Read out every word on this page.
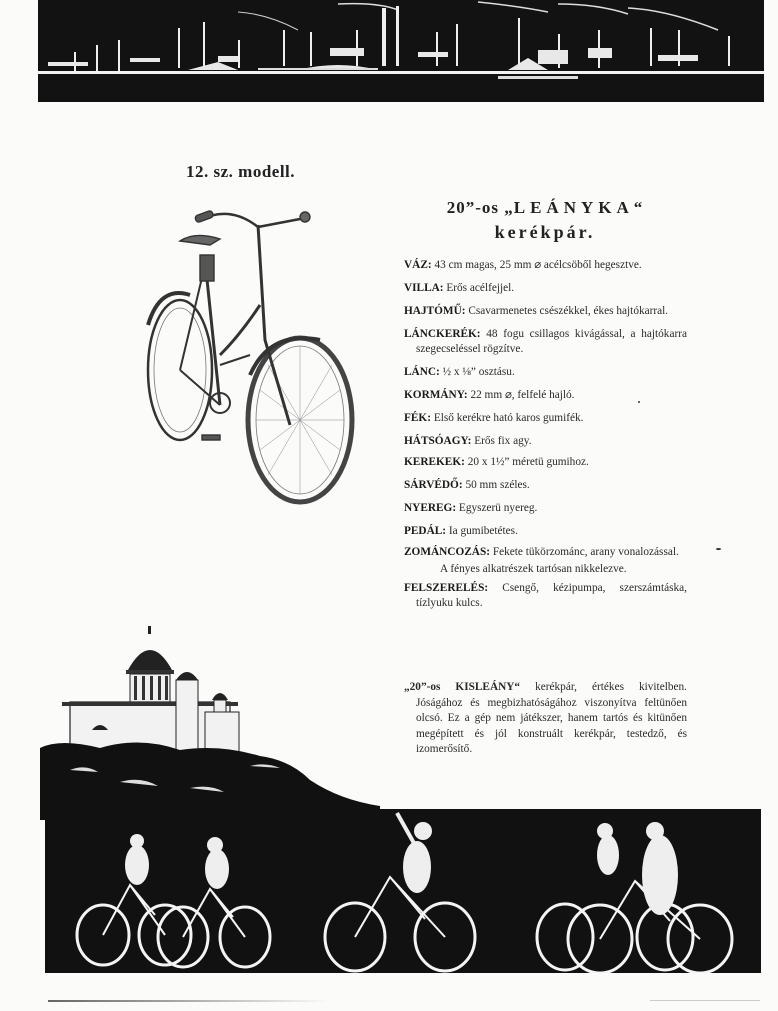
12. sz. modell.
20”-os „LEÁNYKA“
kerékpár.
VÁZ: 43 cm magas, 25 mm ⌀ acélcsöből hegesztve.
VILLA: Erős acélfejjel.
HAJTÓMŰ: Csavarmenetes csészékkel, ékes hajtókarral.
LÁNCKERÉK: 48 fogu csillagos kivágással, a hajtókarra szegecseléssel rögzítve.
LÁNC: ½ x ⅛” osztásu.
KORMÁNY: 22 mm ⌀, felfelé hajló.
FÉK: Első kerékre ható karos gumifék.
HÁTSÓAGY: Erős fix agy.
KEREKEK: 20 x 1½” méretü gumihoz.
SÁRVÉDŐ: 50 mm széles.
NYEREG: Egyszerü nyereg.
PEDÁL: Ia gumibetétes.
ZOMÁNCOZÁS: Fekete tükörzománc, arany vonalozással.
A fényes alkatrészek tartósan nikkelezve.
FELSZERELÉS: Csengő, kézipumpa, szerszámtáska, tízlyuku kulcs.
„20”-os KISLEÁNY“ kerékpár, értékes kivitelben. Jóságához és megbizhatóságához viszonyítva feltünően olcsó. Ez a gép nem játékszer, hanem tartós és kitünően megépített és jól konstruált kerékpár, testedző, és izomerősítő.
